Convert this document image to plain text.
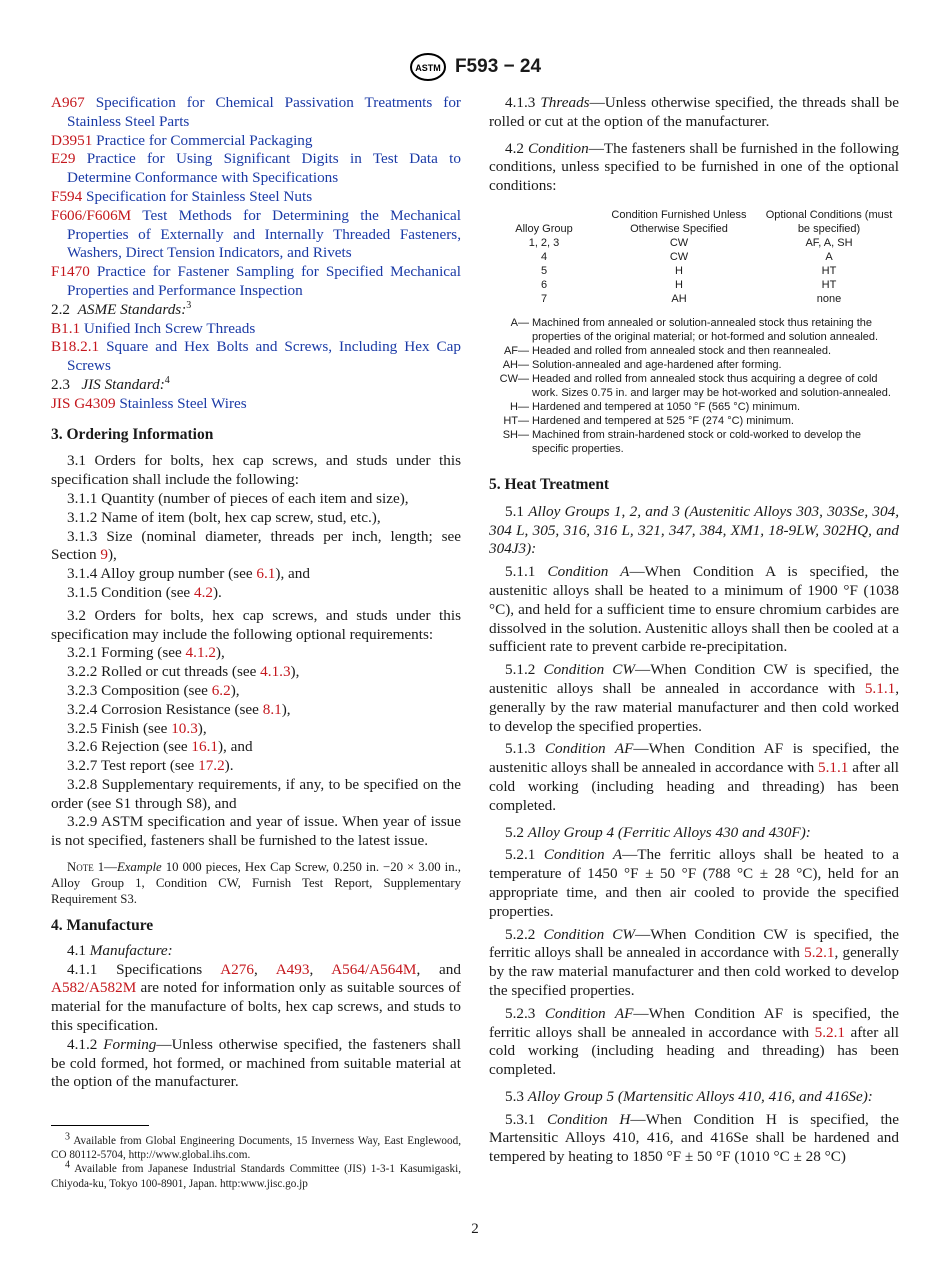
ASTM F593 − 24

A967 Specification for Chemical Passivation Treatments for Stainless Steel Parts

D3951 Practice for Commercial Packaging

E29 Practice for Using Significant Digits in Test Data to Determine Conformance with Specifications

F594 Specification for Stainless Steel Nuts

F606/F606M Test Methods for Determining the Mechanical Properties of Externally and Internally Threaded Fasteners, Washers, Direct Tension Indicators, and Rivets

F1470 Practice for Fastener Sampling for Specified Mechanical Properties and Performance Inspection

2.2 ASME Standards:$^3$

B1.1 Unified Inch Screw Threads

B18.2.1 Square and Hex Bolts and Screws, Including Hex Cap Screws

2.3 JIS Standard:$^4$

JIS G4309 Stainless Steel Wires

3. Ordering Information

3.1 Orders for bolts, hex cap screws, and studs under this specification shall include the following:

3.1.1 Quantity (number of pieces of each item and size),

3.1.2 Name of item (bolt, hex cap screw, stud, etc.),

3.1.3 Size (nominal diameter, threads per inch, length; see Section 9),

3.1.4 Alloy group number (see 6.1), and

3.1.5 Condition (see 4.2).

3.2 Orders for bolts, hex cap screws, and studs under this specification may include the following optional requirements:

3.2.1 Forming (see 4.1.2),

3.2.2 Rolled or cut threads (see 4.1.3),

3.2.3 Composition (see 6.2),

3.2.4 Corrosion Resistance (see 8.1),

3.2.5 Finish (see 10.3),

3.2.6 Rejection (see 16.1), and

3.2.7 Test report (see 17.2).

3.2.8 Supplementary requirements, if any, to be specified on the order (see S1 through S8), and

3.2.9 ASTM specification and year of issue. When year of issue is not specified, fasteners shall be furnished to the latest issue.

Note 1—Example 10 000 pieces, Hex Cap Screw, 0.250 in. −20 × 3.00 in., Alloy Group 1, Condition CW, Furnish Test Report, Supplementary Requirement S3.

4. Manufacture

4.1 Manufacture:

4.1.1 Specifications A276, A493, A564/A564M, and A582/A582M are noted for information only as suitable sources of material for the manufacture of bolts, hex cap screws, and studs to this specification.

4.1.2 Forming—Unless otherwise specified, the fasteners shall be cold formed, hot formed, or machined from suitable material at the option of the manufacturer.

$^3$ Available from Global Engineering Documents, 15 Inverness Way, East Englewood, CO 80112-5704, http://www.global.ihs.com.

$^4$ Available from Japanese Industrial Standards Committee (JIS) 1-3-1 Kasumigaski, Chiyoda-ku, Tokyo 100-8901, Japan. http:www.jisc.go.jp

4.1.3 Threads—Unless otherwise specified, the threads shall be rolled or cut at the option of the manufacturer.

4.2 Condition—The fasteners shall be furnished in the following conditions, unless specified to be furnished in one of the optional conditions:

Alloy Group	Condition Furnished Unless Otherwise Specified	Optional Conditions (must be specified)
1, 2, 3	CW	AF, A, SH
4	CW	A
5	H	HT
6	H	HT
7	AH	none
A— Machined from annealed or solution-annealed stock thus retaining the properties of the original material; or hot-formed and solution annealed.
AF— Headed and rolled from annealed stock and then reannealed.
AH— Solution-annealed and age-hardened after forming.
CW— Headed and rolled from annealed stock thus acquiring a degree of cold work. Sizes 0.75 in. and larger may be hot-worked and solution-annealed.
H— Hardened and tempered at 1050 °F (565 °C) minimum.
HT— Hardened and tempered at 525 °F (274 °C) minimum.
SH— Machined from strain-hardened stock or cold-worked to develop the specific properties.
5. Heat Treatment

5.1 Alloy Groups 1, 2, and 3 (Austenitic Alloys 303, 303Se, 304, 304 L, 305, 316, 316 L, 321, 347, 384, XM1, 18-9LW, 302HQ, and 304J3):

5.1.1 Condition A—When Condition A is specified, the austenitic alloys shall be heated to a minimum of 1900 °F (1038 °C), and held for a sufficient time to ensure chromium carbides are dissolved in the solution. Austenitic alloys shall then be cooled at a sufficient rate to prevent carbide re-precipitation.

5.1.2 Condition CW—When Condition CW is specified, the austenitic alloys shall be annealed in accordance with 5.1.1, generally by the raw material manufacturer and then cold worked to develop the specified properties.

5.1.3 Condition AF—When Condition AF is specified, the austenitic alloys shall be annealed in accordance with 5.1.1 after all cold working (including heading and threading) has been completed.

5.2 Alloy Group 4 (Ferritic Alloys 430 and 430F):

5.2.1 Condition A—The ferritic alloys shall be heated to a temperature of 1450 °F ± 50 °F (788 °C ± 28 °C), held for an appropriate time, and then air cooled to provide the specified properties.

5.2.2 Condition CW—When Condition CW is specified, the ferritic alloys shall be annealed in accordance with 5.2.1, generally by the raw material manufacturer and then cold worked to develop the specified properties.

5.2.3 Condition AF—When Condition AF is specified, the ferritic alloys shall be annealed in accordance with 5.2.1 after all cold working (including heading and threading) has been completed.

5.3 Alloy Group 5 (Martensitic Alloys 410, 416, and 416Se):

5.3.1 Condition H—When Condition H is specified, the Martensitic Alloys 410, 416, and 416Se shall be hardened and tempered by heating to 1850 °F ± 50 °F (1010 °C ± 28 °C)

2
